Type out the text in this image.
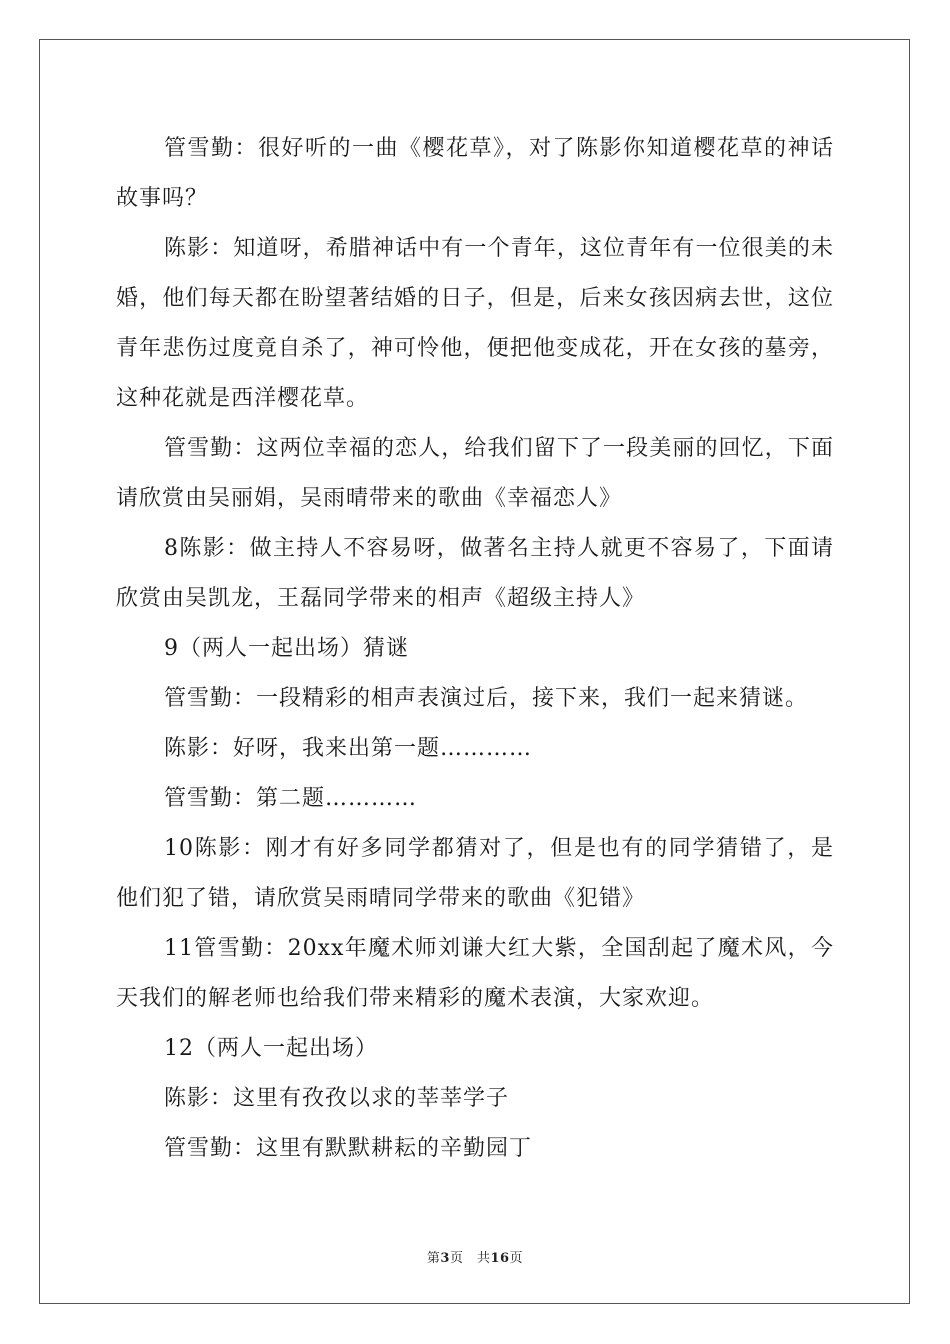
管雪勤：很好听的一曲《樱花草》，对了陈影你知道樱花草的神话故事吗？

陈影：知道呀，希腊神话中有一个青年，这位青年有一位很美的未婚，他们每天都在盼望著结婚的日子，但是，后来女孩因病去世，这位青年悲伤过度竟自杀了，神可怜他，便把他变成花，开在女孩的墓旁，这种花就是西洋樱花草。

管雪勤：这两位幸福的恋人，给我们留下了一段美丽的回忆，下面请欣赏由吴丽娟，吴雨晴带来的歌曲《幸福恋人》

8陈影：做主持人不容易呀，做著名主持人就更不容易了，下面请欣赏由吴凯龙，王磊同学带来的相声《超级主持人》

9（两人一起出场）猜谜

管雪勤：一段精彩的相声表演过后，接下来，我们一起来猜谜。

陈影：好呀，我来出第一题…………

管雪勤：第二题…………

10陈影：刚才有好多同学都猜对了，但是也有的同学猜错了，是他们犯了错，请欣赏吴雨晴同学带来的歌曲《犯错》

11管雪勤：20xx年魔术师刘谦大红大紫，全国刮起了魔术风，今天我们的解老师也给我们带来精彩的魔术表演，大家欢迎。

12（两人一起出场）

陈影：这里有孜孜以求的莘莘学子

管雪勤：这里有默默耕耘的辛勤园丁

第3页　共16页
